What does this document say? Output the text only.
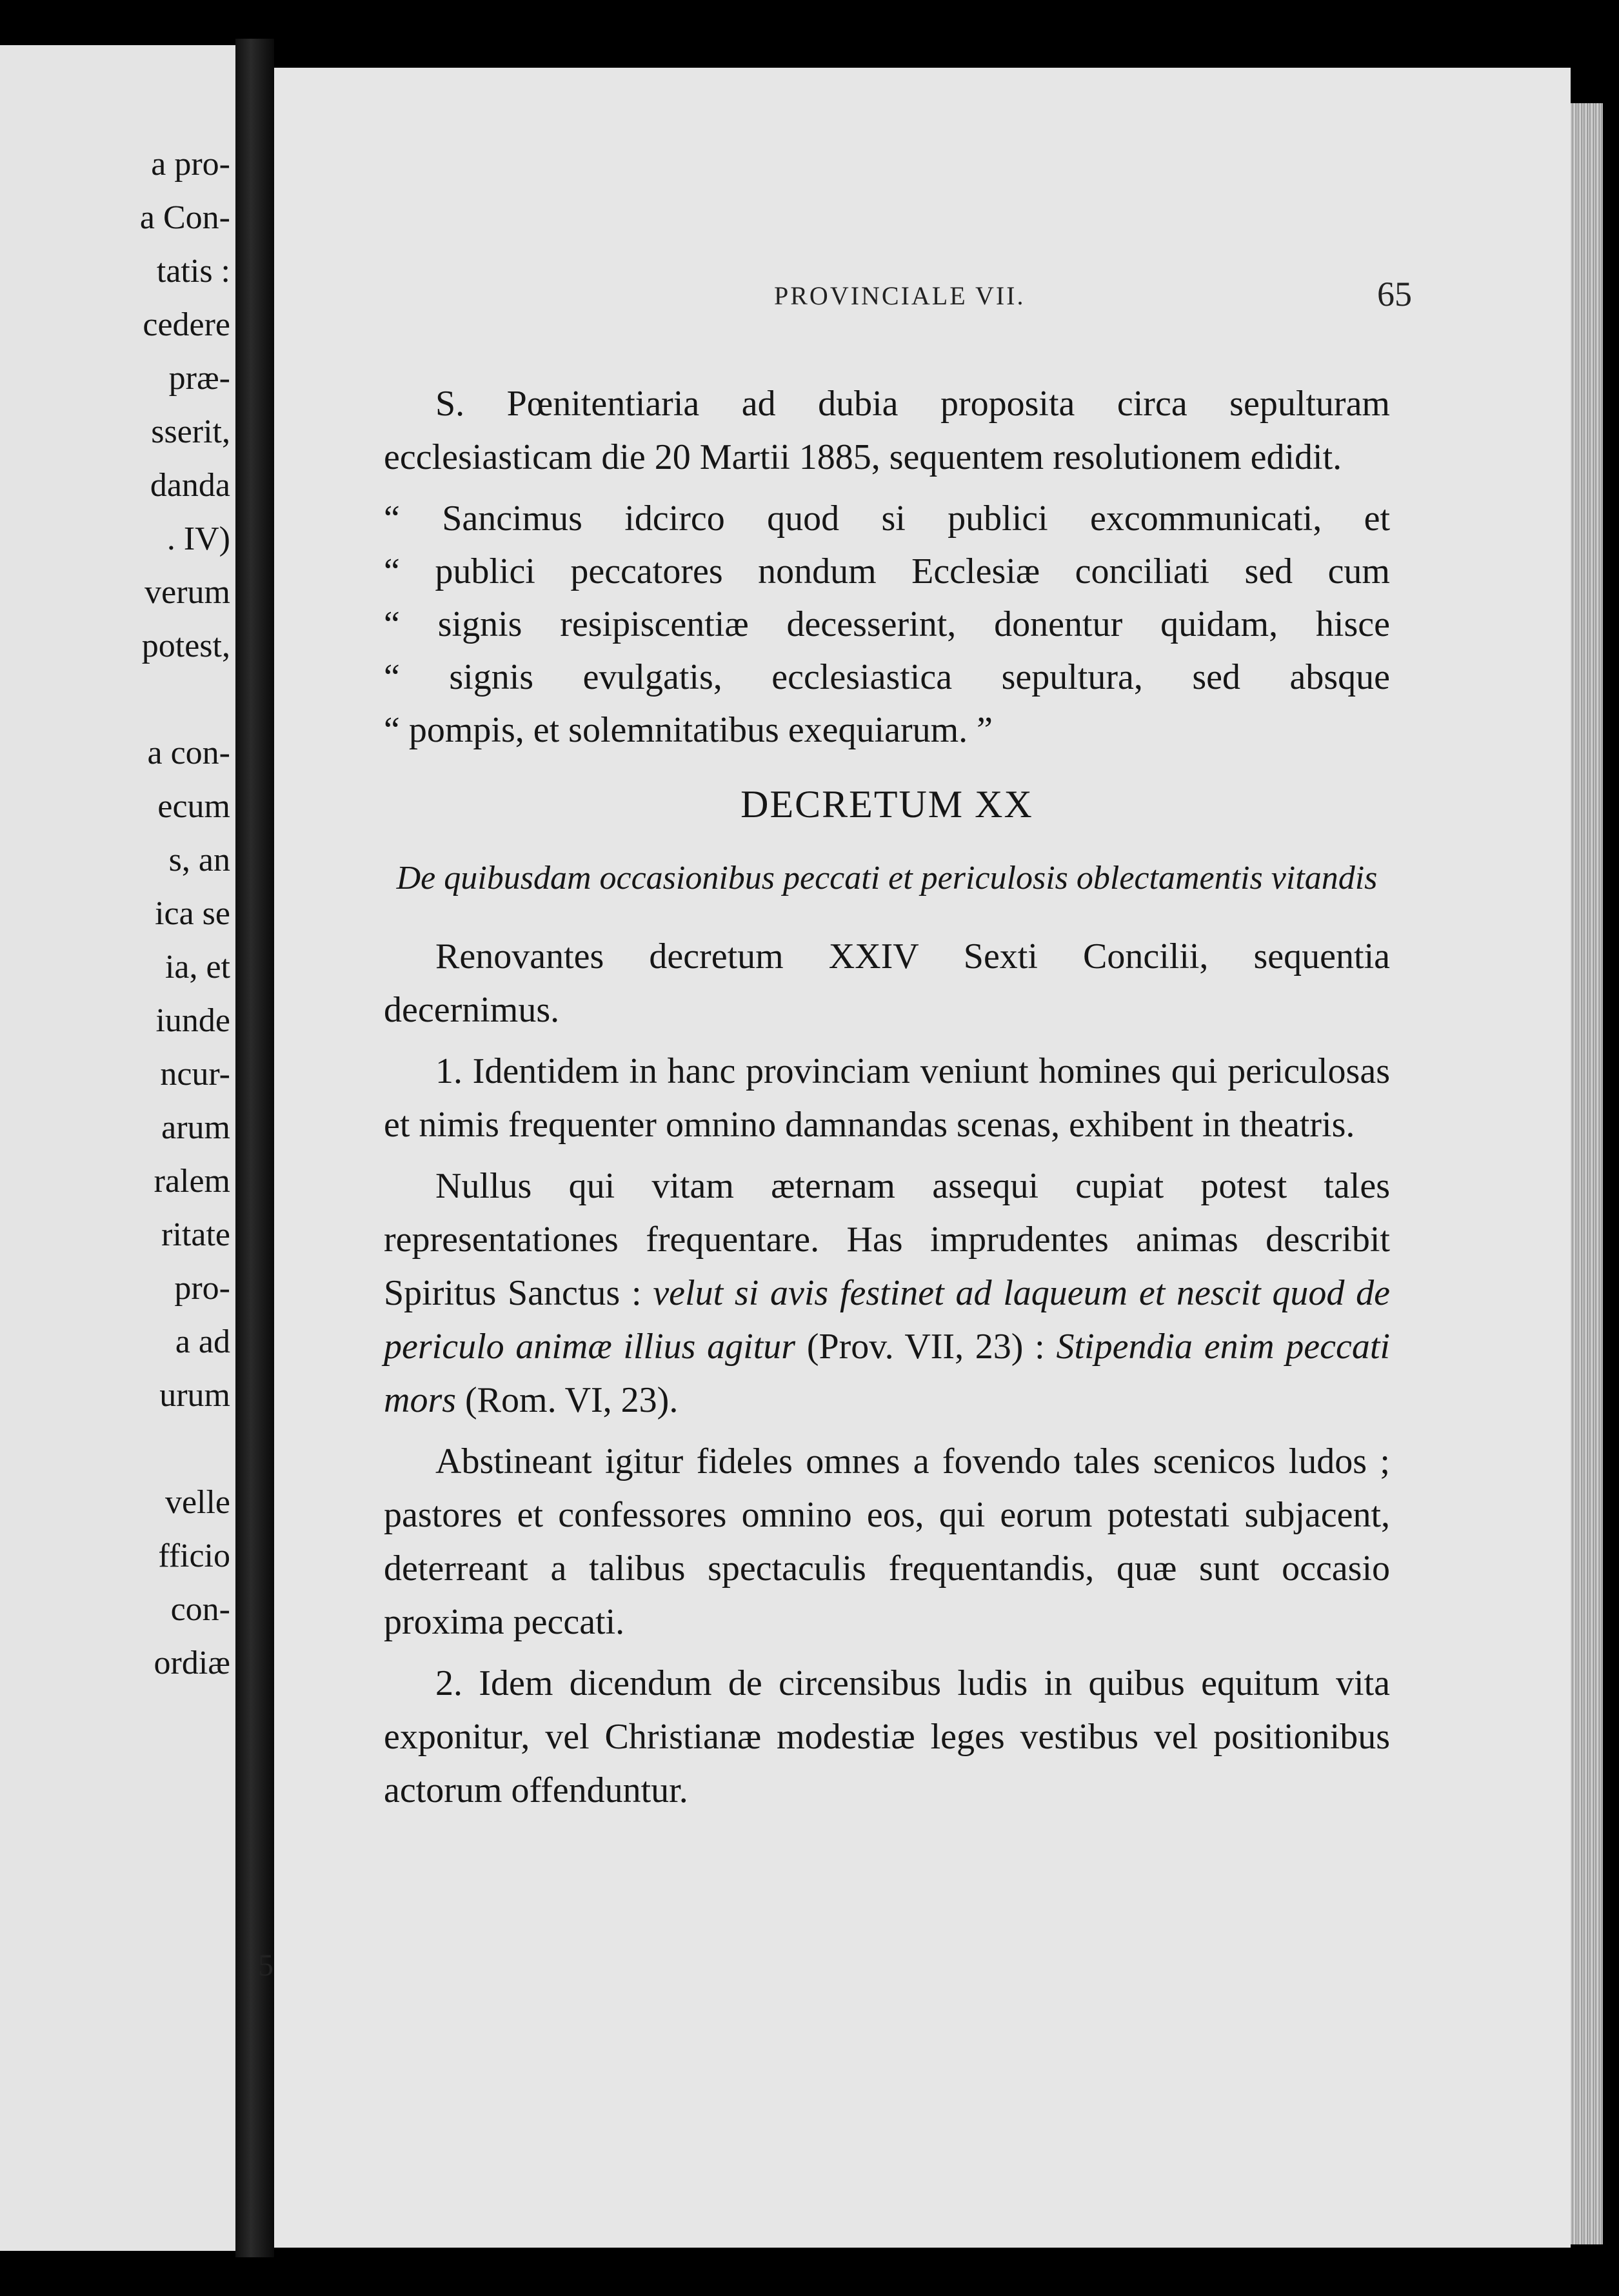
a pro-
a Con-
tatis :
cedere
præ-
sserit,
danda
. IV)
verum
potest,
a con-
ecum
s, an
ica se
ia, et
iunde
ncur-
arum
ralem
ritate
pro-
a ad
urum
velle
fficio
con-
ordiæ
PROVINCIALE VII.	65

S. Pœnitentiaria ad dubia proposita circa sepulturam ecclesiasticam die 20 Martii 1885, sequentem resolutionem edidit.

“ Sancimus idcirco quod si publici excommunicati, et
“ publici peccatores nondum Ecclesiæ conciliati sed cum
“ signis resipiscentiæ decesserint, donentur quidam, hisce
“ signis evulgatis, ecclesiastica sepultura, sed absque
“ pompis, et solemnitatibus exequiarum. ”
DECRETUM XX
De quibusdam occasionibus peccati et periculosis oblectamentis vitandis

Renovantes decretum XXIV Sexti Concilii, sequentia decernimus.

1. Identidem in hanc provinciam veniunt homines qui periculosas et nimis frequenter omnino damnandas scenas, exhibent in theatris.

Nullus qui vitam æternam assequi cupiat potest tales representationes frequentare. Has imprudentes animas describit Spiritus Sanctus : velut si avis festinet ad laqueum et nescit quod de periculo animæ illius agitur (Prov. VII, 23) : Stipendia enim peccati mors (Rom. VI, 23).

Abstineant igitur fideles omnes a fovendo tales scenicos ludos ; pastores et confessores omnino eos, qui eorum potestati subjacent, deterreant a talibus spectaculis frequentandis, quæ sunt occasio proxima peccati.

2. Idem dicendum de circensibus ludis in quibus equitum vita exponitur, vel Christianæ modestiæ leges vestibus vel positionibus actorum offenduntur.

5
